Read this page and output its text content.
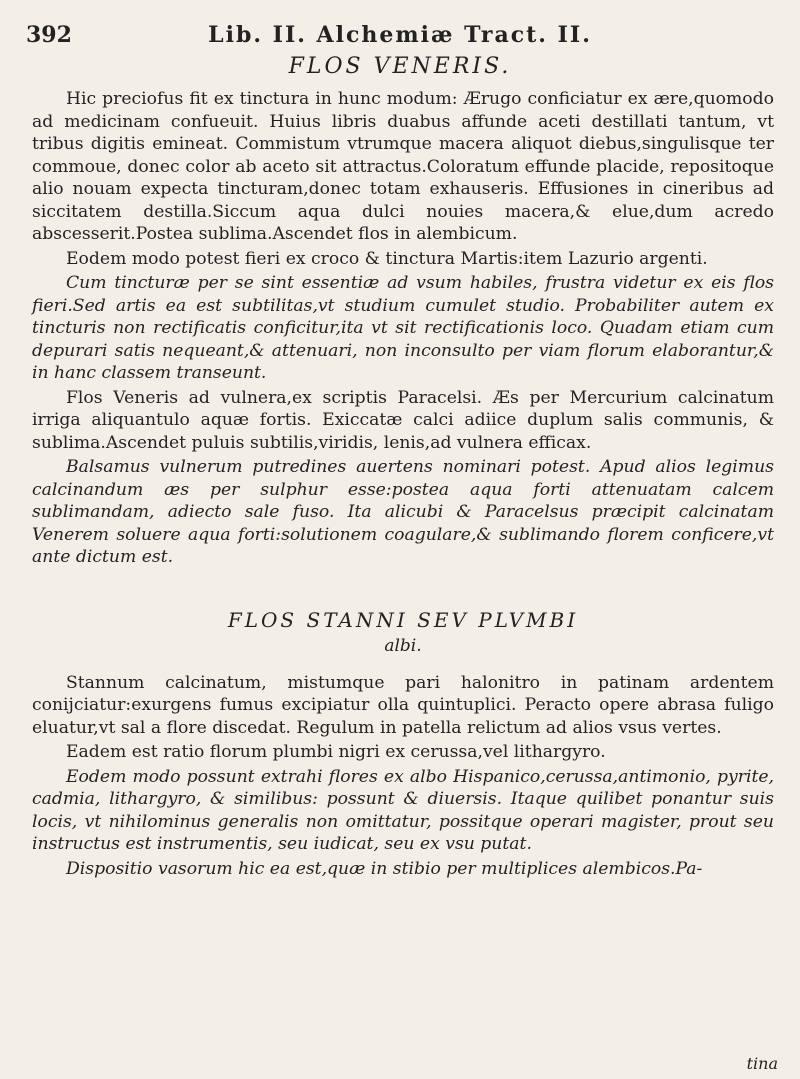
392	Lib. II. Alchemiæ Tract. II.
FLOS VENERIS.

Hic preciofus fit ex tinctura in hunc modum: Ærugo conficiatur ex ære,quomodo ad medicinam confueuit. Huius libris duabus affunde aceti destillati tantum, vt tribus digitis emineat. Commistum vtrumque macera aliquot diebus,singulisque ter commoue, donec color ab aceto sit attractus.Coloratum effunde placide, repositoque alio nouam expecta tincturam,donec totam exhauseris. Effusiones in cineribus ad siccitatem destilla.Siccum aqua dulci nouies macera,& elue,dum acredo abscesserit.Postea sublima.Ascendet flos in alembicum.

Eodem modo potest fieri ex croco & tinctura Martis:item Lazurio argenti.

Cum tincturæ per se sint essentiæ ad vsum habiles, frustra videtur ex eis flos fieri.Sed artis ea est subtilitas,vt studium cumulet studio. Probabiliter autem ex tincturis non rectificatis conficitur,ita vt sit rectificationis loco. Quadam etiam cum depurari satis nequeant,& attenuari, non inconsulto per viam florum elaborantur,& in hanc classem transeunt.

Flos Veneris ad vulnera,ex scriptis Paracelsi. Æs per Mercurium calcinatum irriga aliquantulo aquæ fortis. Exiccatæ calci adiice duplum salis communis, & sublima.Ascendet puluis subtilis,viridis, lenis,ad vulnera efficax.

Balsamus vulnerum putredines auertens nominari potest. Apud alios legimus calcinandum æs per sulphur esse:postea aqua forti attenuatam calcem sublimandam, adiecto sale fuso. Ita alicubi & Paracelsus præcipit calcinatam Venerem soluere aqua forti:solutionem coagulare,& sublimando florem conficere,vt ante dictum est.

FLOS STANNI SEV PLVMBI
albi.

Stannum calcinatum, mistumque pari halonitro in patinam ardentem conijciatur:exurgens fumus excipiatur olla quintuplici. Peracto opere abrasa fuligo eluatur,vt sal a flore discedat. Regulum in patella relictum ad alios vsus vertes.

Eadem est ratio florum plumbi nigri ex cerussa,vel lithargyro.

Eodem modo possunt extrahi flores ex albo Hispanico,cerussa,antimonio, pyrite, cadmia, lithargyro, & similibus: possunt & diuersis. Itaque quilibet ponantur suis locis, vt nihilominus generalis non omittatur, possitque operari magister, prout seu instructus est instrumentis, seu iudicat, seu ex vsu putat.

Dispositio vasorum hic ea est,quæ in stibio per multiplices alembicos.Pa-

tina
